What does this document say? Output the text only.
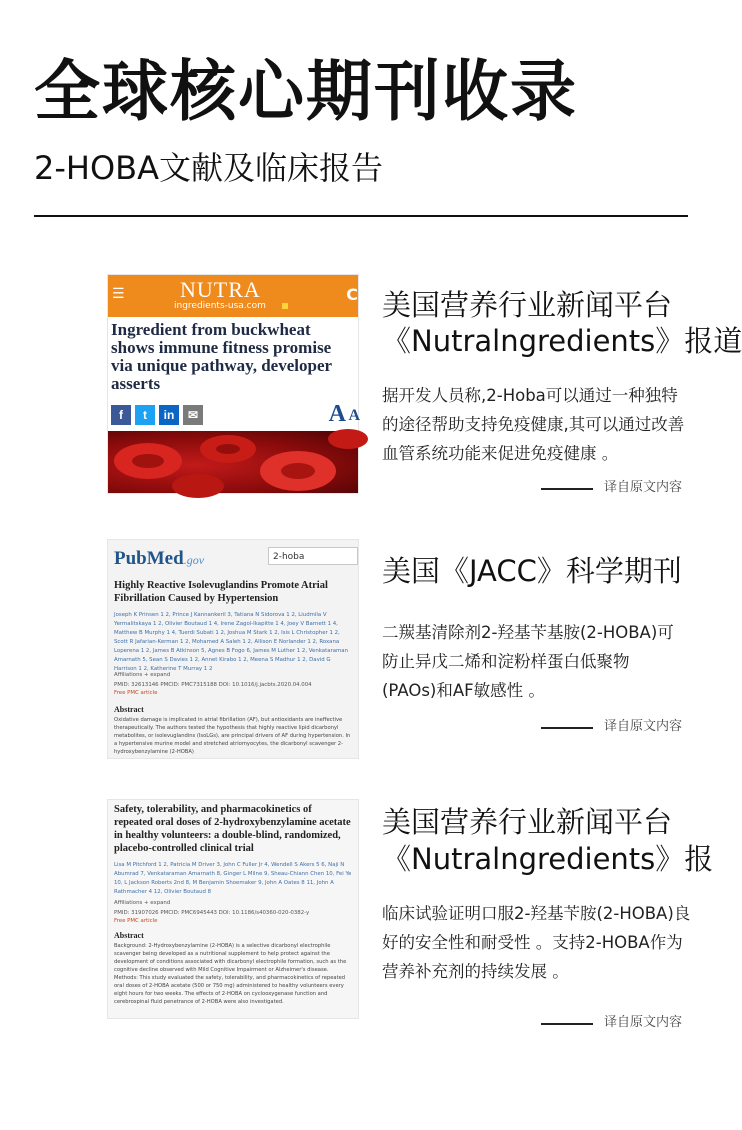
全球核心期刊收录
2-HOBA文献及临床报告
☰	NUTRA
ingredients-usa.com
C
Ingredient from buckwheat shows immune fitness promise via unique pathway, developer asserts
f	t	in	✉	A A
美国营养行业新闻平台
《Nutralngredients》报道
据开发人员称,2-Hoba可以通过一种独特的途径帮助支持免疫健康,其可以通过改善血管系统功能来促进免疫健康 。
译自原文内容
PubMed.gov	2-hoba
Highly Reactive Isolevuglandins Promote Atrial Fibrillation Caused by Hypertension
Joseph K Prinsen 1 2, Prince J Kannankeril 3, Tatiana N Sidorova 1 2, Liudmila V Yermalitskaya 1 2, Olivier Boutaud 1 4, Irene Zagol-Ikapitte 1 4, Joey V Barnett 1 4, Matthew B Murphy 1 4, Tuerdi Subati 1 2, Joshua M Stark 1 2, Isis L Christopher 1 2, Scott R Jafarian-Kerman 1 2, Mohamed A Saleh 1 2, Allison E Norlander 1 2, Roxana Loperena 1 2, James B Atkinson 5, Agnes B Fogo 6, James M Luther 1 2, Venkataraman Amarnath 5, Sean S Davies 1 2, Annet Kirabo 1 2, Meena S Madhur 1 2, David G Harrison 1 2, Katherine T Murray 1 2
Affiliations + expand
PMID: 32613146 PMCID: PMC7315188 DOI: 10.1016/j.jacbts.2020.04.004
Free PMC article
Abstract
Oxidative damage is implicated in atrial fibrillation (AF), but antioxidants are ineffective therapeutically. The authors tested the hypothesis that highly reactive lipid dicarbonyl metabolites, or isolevuglandins (IsoLGs), are principal drivers of AF during hypertension. In a hypertensive murine model and stretched atriomyocytes, the dicarbonyl scavenger 2-hydroxybenzylamine (2-HOBA)
美国《JACC》科学期刊
二羰基清除剂2-羟基苄基胺(2-HOBA)可防止异戊二烯和淀粉样蛋白低聚物(PAOs)和AF敏感性 。
译自原文内容
Safety, tolerability, and pharmacokinetics of repeated oral doses of 2-hydroxybenzylamine acetate in healthy volunteers: a double-blind, randomized, placebo-controlled clinical trial
Lisa M Pitchford 1 2, Patricia M Driver 3, John C Fuller Jr 4, Wendell S Akers 5 6, Naji N Abumrad 7, Venkataraman Amarnath 8, Ginger L Milne 9, Sheau-Chiann Chen 10, Fei Ye 10, L Jackson Roberts 2nd 8, M Benjamin Shoemaker 9, John A Oates 8 11, John A Rathmacher 4 12, Olivier Boutaud 8
Affiliations + expand
PMID: 31907026 PMCID: PMC6945443 DOI: 10.1186/s40360-020-0382-y
Free PMC article
Abstract
Background: 2-Hydroxybenzylamine (2-HOBA) is a selective dicarbonyl electrophile scavenger being developed as a nutritional supplement to help protect against the development of conditions associated with dicarbonyl electrophile formation, such as the cognitive decline observed with Mild Cognitive Impairment or Alzheimer's disease. Methods: This study evaluated the safety, tolerability, and pharmacokinetics of repeated oral doses of 2-HOBA acetate (500 or 750 mg) administered to healthy volunteers every eight hours for two weeks. The effects of 2-HOBA on cyclooxygenase function and cerebrospinal fluid penetrance of 2-HOBA were also investigated.
美国营养行业新闻平台
《Nutralngredients》报
临床试验证明口服2-羟基苄胺(2-HOBA)良好的安全性和耐受性 。支持2-HOBA作为营养补充剂的持续发展 。
译自原文内容
